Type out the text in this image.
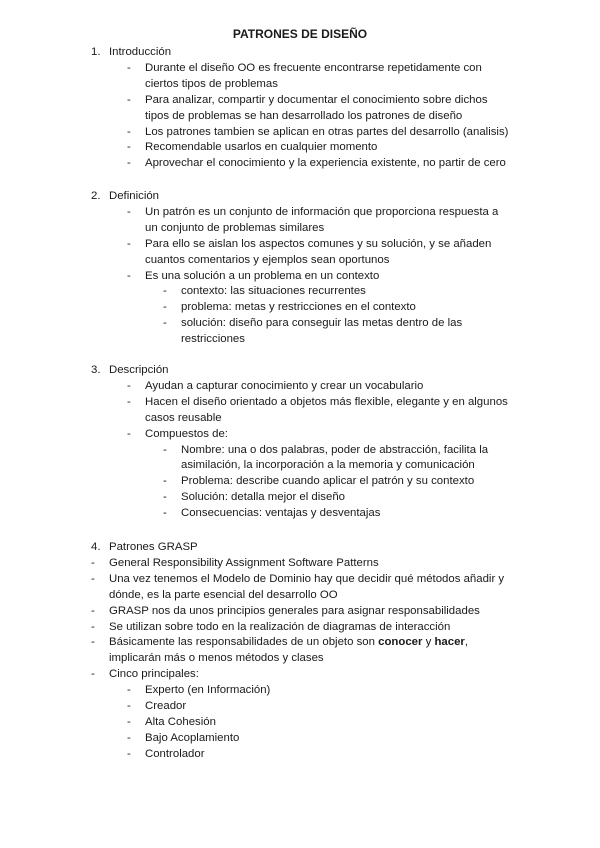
PATRONES DE DISEÑO
1. Introducción
- Durante el diseño OO es frecuente encontrarse repetidamente con
ciertos tipos de problemas
- Para analizar, compartir y documentar el conocimiento sobre dichos
tipos de problemas se han desarrollado los patrones de diseño
- Los patrones tambien se aplican en otras partes del desarrollo (analisis)
- Recomendable usarlos en cualquier momento
- Aprovechar el conocimiento y la experiencia existente, no partir de cero
2. Definición
- Un patrón es un conjunto de información que proporciona respuesta a
un conjunto de problemas similares
- Para ello se aislan los aspectos comunes y su solución, y se añaden
cuantos comentarios y ejemplos sean oportunos
- Es una solución a un problema en un contexto
- contexto: las situaciones recurrentes
- problema: metas y restricciones en el contexto
- solución: diseño para conseguir las metas dentro de las
restricciones
3. Descripción
- Ayudan a capturar conocimiento y crear un vocabulario
- Hacen el diseño orientado a objetos más flexible, elegante y en algunos
casos reusable
- Compuestos de:
- Nombre: una o dos palabras, poder de abstracción, facilita la
asimilación, la incorporación a la memoria y comunicación
- Problema: describe cuando aplicar el patrón y su contexto
- Solución: detalla mejor el diseño
- Consecuencias: ventajas y desventajas
4. Patrones GRASP
- General Responsibility Assignment Software Patterns
- Una vez tenemos el Modelo de Dominio hay que decidir qué métodos añadir y
dónde, es la parte esencial del desarrollo OO
- GRASP nos da unos principios generales para asignar responsabilidades
- Se utilizan sobre todo en la realización de diagramas de interacción
- Básicamente las responsabilidades de un objeto son conocer y hacer,
implicarán más o menos métodos y clases
- Cinco principales:
- Experto (en Información)
- Creador
- Alta Cohesión
- Bajo Acoplamiento
- Controlador
